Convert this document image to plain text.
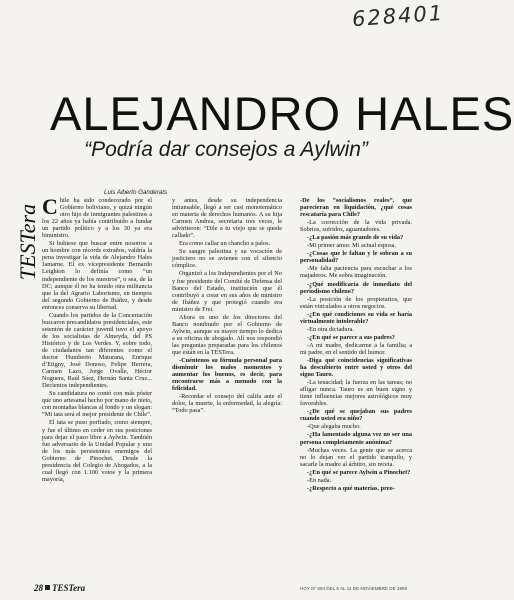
628401
ALEJANDRO HALES
“Podría dar consejos a Aylwin”
TESTera
Luis Alberto Ganderats

Chile ha sido condecorado por el Gobierno boliviano, y quizá ningún otro hijo de inmigrantes palestinos a los 22 años ya había contribuido a fundar un partido político y a los 30 ya era biministro.

Si hubiese que buscar entre nosotros a un hombre con récords extraños, valdría la pena investigar la vida de Alejandro Hales Jamarne. El ex vicepresidente Bernardo Leighton lo definía como “un independiente de los nuestros”, o sea, de la DC; aunque él no ha tenido otra militancia que la del Agrario Laborismo, en tiempos del segundo Gobierno de Ibáñez, y desde entonces conserva su libertad.

Cuando los partidos de la Concertación buscaron precandidatos presidenciales, este setentón de carácter juvenil tuvo el apoyo de los socialistas de Almeyda, del PS Histórico y de Los Verdes. Y, sobre todo, de ciudadanos tan diferentes como el doctor Humberto Maturana, Enrique d’Etigny, José Donoso, Felipe Herrera, Carmen Lazo, Jorge Ovalle, Héctor Noguera, Raúl Sáez, Hernán Santa Cruz... Decientos independientes.

Su candidatura no contó con más póster que uno artesanal hecho por mano de nieto, con montañas blancas al fondo y un slogan: “Mi tata será el mejor presidente de Chile”.

El tata se puso porfiado, como siempre, y fue el último en ceder en sus posiciones para dejar el paso libre a Aylwin. También fue adversario de la Unidad Popular y uno de los más persistentes enemigos del Gobierno de Pinochet. Desde la presidencia del Colegio de Abogados, a la cual llegó con 1.100 votos y la primera mayoría,

y antes, desde su independencia intransable, llegó a ser casi monotemático en materia de derechos humanos. A su hija Carmen Andrea, secretaria tres veces, le advirtieron: “Dile a tu viejo que se quede callado”.

Era como callar un chancho a palos.

Su sangre palestina y su vocación de justiciero no se avienen con el silencio cómplice.

Organizó a los Independientes por el No y fue presidente del Comité de Defensa del Banco del Estado, institución que él contribuyó a crear en sus años de ministro de Ibáñez y que protegió cuando era ministro de Frei.

Ahora es uno de los directores del Banco nombrado por el Gobierno de Aylwin, aunque su mayor tiempo lo dedica a su oficina de abogado. Alí nos respondió las preguntas preparadas para los chilenos que están en la TESTera.

-Cuéntenos su fórmula personal para disminuir los malos momentos y aumentar los buenos, es decir, para encontrarse más a menudo con la felicidad.

-Recordar el consejo del califa ante el dolor, la muerte, la enfermedad, la alegría: “Todo pasa”.

-De los “socialismos reales”, que parecieran en liquidación, ¿qué cosas rescataría para Chile?

-La corrección de la vida privada. Sobrios, sufridos, aguantadores.

-¿La pasión más grande de su vida?

-Mi primer amor. Mi actual esposa.

-¿Cosas que le faltan y le sobran a su personalidad?

-Me falta paciencia para escuchar a los majaderos. Me sobra imaginación.

-¿Qué modificaría de inmediato del periodismo chileno?

-La posición de los propietarios, que están vinculados a otros negocios.

-¿En qué condiciones su vida se haría virtualmente intolerable?

-En otra dictadura.

-¿En qué se parece a sus padres?

-A mi madre, dedicarme a la familia; a mi padre, en el sentido del humor.

-Diga qué coincidencias significativas ha descubierto entre usted y otros del signo Tauro.

-La tenacidad; la fuerza en las tareas; no afligar nunca. Tauro es un buen signo y tiene influencias mejores astrológicos muy favorables.

-¿De qué se quejaban sus padres cuando usted era niño?

-Que alegaba mucho.

-¿Ha lamentado alguna vez no ser una persona completamente anónima?

-Muchas veces. La gente que se acerca no lo dejan ver el partido tranquilo, y sacarle la madre al árbitro, sin receta.

-¿En qué se parece Aylwin a Pinochet?

-En nada.

-¿Respecto a qué materias, preo-

28 TESTera	HOY Nº 684 DEL 5 AL 11 DE NOVIEMBRE DE 1990
